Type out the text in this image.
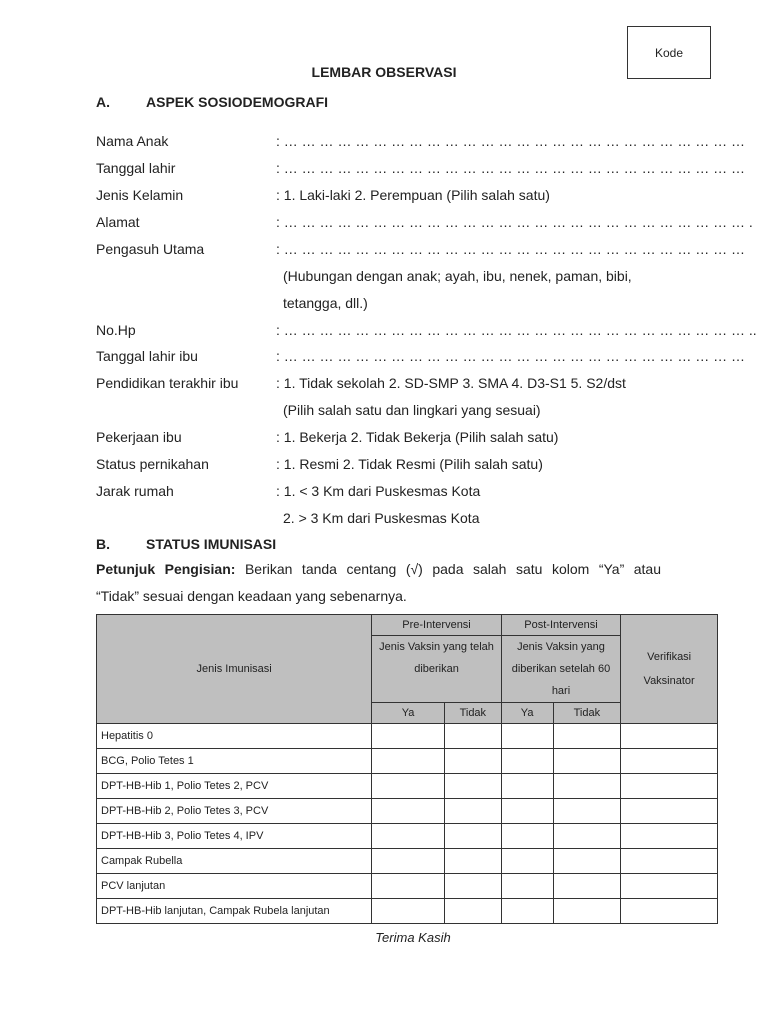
Kode
LEMBAR OBSERVASI
A.	ASPEK SOSIODEMOGRAFI
Nama Anak	: … … … … … … … … … … … … … … … … … … … … … … … … … …
Tanggal lahir	: … … … … … … … … … … … … … … … … … … … … … … … … … …
Jenis Kelamin	: 1. Laki-laki 2. Perempuan (Pilih salah satu)
Alamat	: … … … … … … … … … … … … … … … … … … … … … … … … … … .
Pengasuh Utama	: … … … … … … … … … … … … … … … … … … … … … … … … … …
(Hubungan dengan anak; ayah, ibu, nenek, paman, bibi,
tetangga, dll.)
No.Hp	: … … … … … … … … … … … … … … … … … … … … … … … … … … ..
Tanggal lahir ibu	: … … … … … … … … … … … … … … … … … … … … … … … … … …
Pendidikan terakhir ibu	: 1. Tidak sekolah 2. SD-SMP 3. SMA 4. D3-S1 5. S2/dst
(Pilih salah satu dan lingkari yang sesuai)
Pekerjaan ibu	: 1. Bekerja 2. Tidak Bekerja (Pilih salah satu)
Status pernikahan	: 1. Resmi 2. Tidak Resmi (Pilih salah satu)
Jarak rumah	: 1. < 3 Km dari Puskesmas Kota
2. > 3 Km dari Puskesmas Kota
B.	STATUS IMUNISASI
Petunjuk Pengisian: Berikan tanda centang (√) pada salah satu kolom “Ya” atau
“Tidak” sesuai dengan keadaan yang sebenarnya.
Jenis Imunisasi	Pre-Intervensi		Post-Intervensi		Verifikasi Vaksinator
	Jenis Vaksin yang telah diberikan		Jenis Vaksin yang diberikan setelah 60 hari		
	Ya	Tidak	Ya	Tidak	
Hepatitis 0					
BCG, Polio Tetes 1					
DPT-HB-Hib 1, Polio Tetes 2, PCV					
DPT-HB-Hib 2, Polio Tetes 3, PCV					
DPT-HB-Hib 3, Polio Tetes 4, IPV					
Campak Rubella					
PCV lanjutan					
DPT-HB-Hib lanjutan, Campak Rubela lanjutan					
Terima Kasih
